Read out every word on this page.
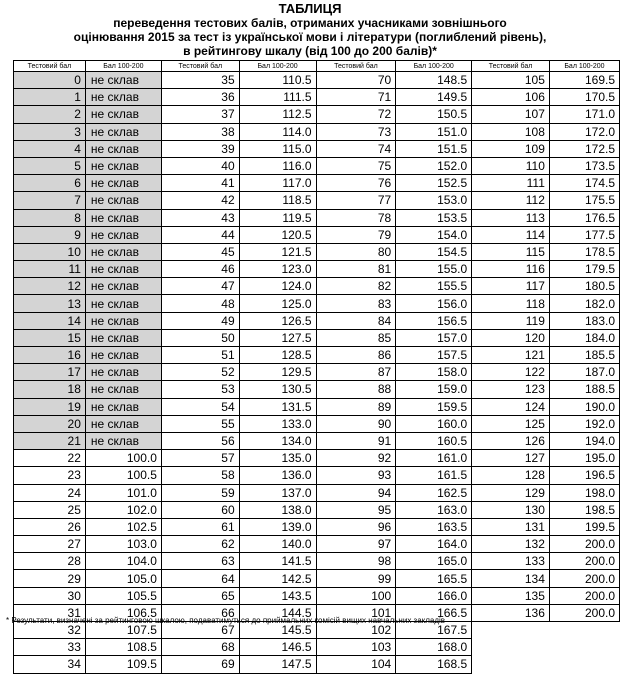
ТАБЛИЦЯ
переведення тестових балів, отриманих учасниками зовнішнього
оцінювання 2015 за тест із української мови і літератури (поглиблений рівень),
в рейтингову шкалу (від 100 до 200 балів)*
Тестовий бал	Бал 100-200	Тестовий бал	Бал 100-200	Тестовий бал	Бал 100-200	Тестовий бал	Бал 100-200
0	не склав	35	110.5	70	148.5	105	169.5
1	не склав	36	111.5	71	149.5	106	170.5
2	не склав	37	112.5	72	150.5	107	171.0
3	не склав	38	114.0	73	151.0	108	172.0
4	не склав	39	115.0	74	151.5	109	172.5
5	не склав	40	116.0	75	152.0	110	173.5
6	не склав	41	117.0	76	152.5	111	174.5
7	не склав	42	118.5	77	153.0	112	175.5
8	не склав	43	119.5	78	153.5	113	176.5
9	не склав	44	120.5	79	154.0	114	177.5
10	не склав	45	121.5	80	154.5	115	178.5
11	не склав	46	123.0	81	155.0	116	179.5
12	не склав	47	124.0	82	155.5	117	180.5
13	не склав	48	125.0	83	156.0	118	182.0
14	не склав	49	126.5	84	156.5	119	183.0
15	не склав	50	127.5	85	157.0	120	184.0
16	не склав	51	128.5	86	157.5	121	185.5
17	не склав	52	129.5	87	158.0	122	187.0
18	не склав	53	130.5	88	159.0	123	188.5
19	не склав	54	131.5	89	159.5	124	190.0
20	не склав	55	133.0	90	160.0	125	192.0
21	не склав	56	134.0	91	160.5	126	194.0
22	100.0	57	135.0	92	161.0	127	195.0
23	100.5	58	136.0	93	161.5	128	196.5
24	101.0	59	137.0	94	162.5	129	198.0
25	102.0	60	138.0	95	163.0	130	198.5
26	102.5	61	139.0	96	163.5	131	199.5
27	103.0	62	140.0	97	164.0	132	200.0
28	104.0	63	141.5	98	165.0	133	200.0
29	105.0	64	142.5	99	165.5	134	200.0
30	105.5	65	143.5	100	166.0	135	200.0
31	106.5	66	144.5	101	166.5	136	200.0
32	107.5	67	145.5	102	167.5		
33	108.5	68	146.5	103	168.0		
34	109.5	69	147.5	104	168.5		
* Результати, визначені за рейтинговою шкалою, подаватимуться до приймальних комісій вищих навчальних закладів
